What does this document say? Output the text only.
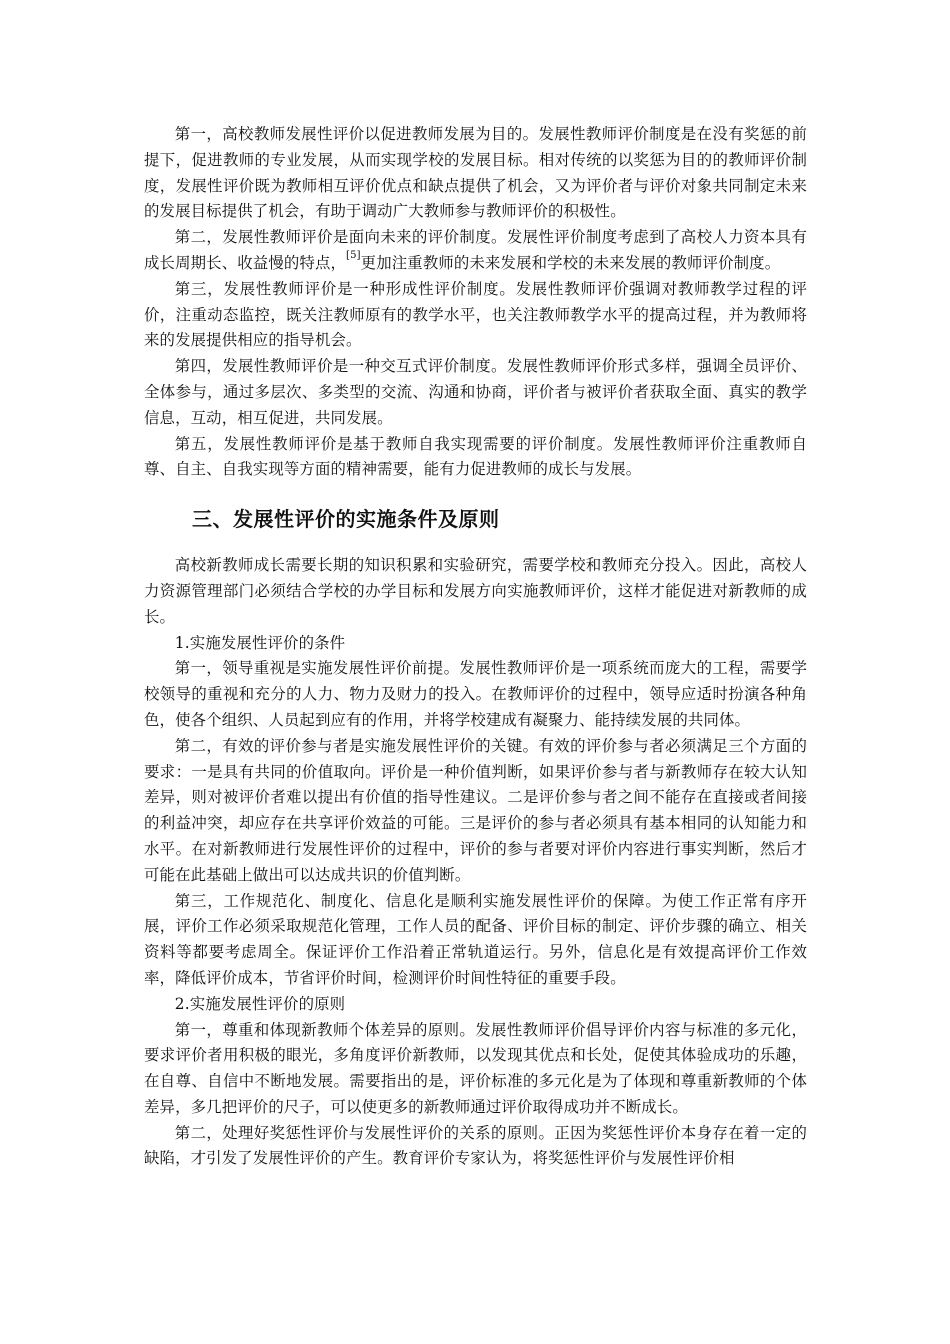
第一，高校教师发展性评价以促进教师发展为目的。发展性教师评价制度是在没有奖惩的前提下，促进教师的专业发展，从而实现学校的发展目标。相对传统的以奖惩为目的的教师评价制度，发展性评价既为教师相互评价优点和缺点提供了机会，又为评价者与评价对象共同制定未来的发展目标提供了机会，有助于调动广大教师参与教师评价的积极性。

第二，发展性教师评价是面向未来的评价制度。发展性评价制度考虑到了高校人力资本具有成长周期长、收益慢的特点，[5]更加注重教师的未来发展和学校的未来发展的教师评价制度。

第三，发展性教师评价是一种形成性评价制度。发展性教师评价强调对教师教学过程的评价，注重动态监控，既关注教师原有的教学水平，也关注教师教学水平的提高过程，并为教师将来的发展提供相应的指导机会。

第四，发展性教师评价是一种交互式评价制度。发展性教师评价形式多样，强调全员评价、全体参与，通过多层次、多类型的交流、沟通和协商，评价者与被评价者获取全面、真实的教学信息，互动，相互促进，共同发展。

第五，发展性教师评价是基于教师自我实现需要的评价制度。发展性教师评价注重教师自尊、自主、自我实现等方面的精神需要，能有力促进教师的成长与发展。

三、发展性评价的实施条件及原则

高校新教师成长需要长期的知识积累和实验研究，需要学校和教师充分投入。因此，高校人力资源管理部门必须结合学校的办学目标和发展方向实施教师评价，这样才能促进对新教师的成长。

1.实施发展性评价的条件

第一，领导重视是实施发展性评价前提。发展性教师评价是一项系统而庞大的工程，需要学校领导的重视和充分的人力、物力及财力的投入。在教师评价的过程中，领导应适时扮演各种角色，使各个组织、人员起到应有的作用，并将学校建成有凝聚力、能持续发展的共同体。

第二，有效的评价参与者是实施发展性评价的关键。有效的评价参与者必须满足三个方面的要求：一是具有共同的价值取向。评价是一种价值判断，如果评价参与者与新教师存在较大认知差异，则对被评价者难以提出有价值的指导性建议。二是评价参与者之间不能存在直接或者间接的利益冲突，却应存在共享评价效益的可能。三是评价的参与者必须具有基本相同的认知能力和水平。在对新教师进行发展性评价的过程中，评价的参与者要对评价内容进行事实判断，然后才可能在此基础上做出可以达成共识的价值判断。

第三，工作规范化、制度化、信息化是顺利实施发展性评价的保障。为使工作正常有序开展，评价工作必须采取规范化管理，工作人员的配备、评价目标的制定、评价步骤的确立、相关资料等都要考虑周全。保证评价工作沿着正常轨道运行。另外，信息化是有效提高评价工作效率，降低评价成本，节省评价时间，检测评价时间性特征的重要手段。

2.实施发展性评价的原则

第一，尊重和体现新教师个体差异的原则。发展性教师评价倡导评价内容与标准的多元化，要求评价者用积极的眼光，多角度评价新教师，以发现其优点和长处，促使其体验成功的乐趣，在自尊、自信中不断地发展。需要指出的是，评价标准的多元化是为了体现和尊重新教师的个体差异，多几把评价的尺子，可以使更多的新教师通过评价取得成功并不断成长。

第二，处理好奖惩性评价与发展性评价的关系的原则。正因为奖惩性评价本身存在着一定的缺陷，才引发了发展性评价的产生。教育评价专家认为，将奖惩性评价与发展性评价相
